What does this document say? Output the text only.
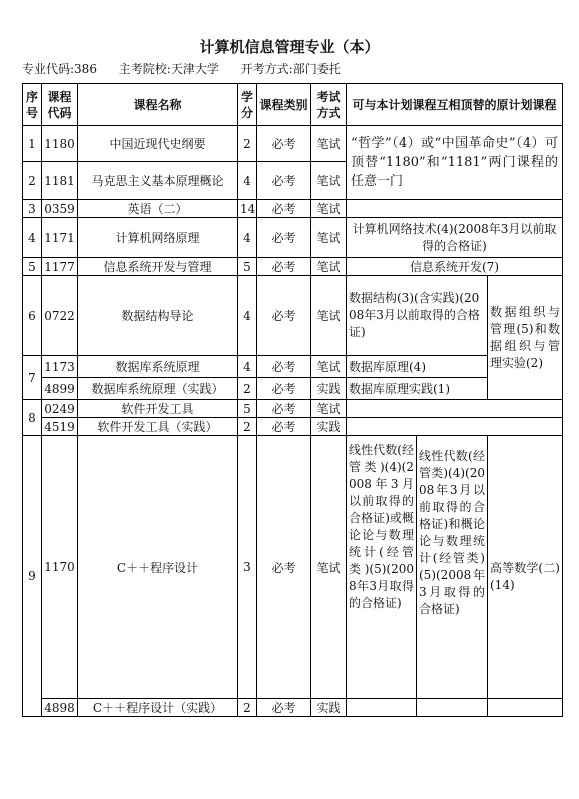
计算机信息管理专业（本）
专业代码:386 主考院校:天津大学 开考方式:部门委托
序号	课程代码	课程名称	学分	课程类别	考试方式	可与本计划课程互相顶替的原计划课程		
1	1180	中国近现代史纲要	2	必考	笔试	“哲学”（4）或“中国革命史”（4）可顶替“1180”和“1181”两门课程的任意一门		
2	1181	马克思主义基本原理概论	4	必考	笔试			
3	0359	英语（二）	14	必考	笔试			
4	1171	计算机网络原理	4	必考	笔试	计算机网络技术(4)(2008年3月以前取得的合格证)		
5	1177	信息系统开发与管理	5	必考	笔试	信息系统开发(7)		
6	0722	数据结构导论	4	必考	笔试	数据结构(3)(含实践)(2008年3月以前取得的合格证)		数据组织与管理(5)和数据组织与管理实验(2)
7	1173	数据库系统原理	4	必考	笔试	数据库原理(4)		
	4899	数据库系统原理（实践）	2	必考	实践	数据库原理实践(1)		
8	0249	软件开发工具	5	必考	笔试			
	4519	软件开发工具（实践）	2	必考	实践			
9	1170	C＋＋程序设计	3	必考	笔试	线性代数(经管类)(4)(2008年3月以前取得的合格证)或概论论与数理统计(经管类)(5)(2008年3月取得的合格证)	线性代数(经管类)(4)(2008年3月以前取得的合格证)和概论论与数理统计(经管类)(5)(2008年3月取得的合格证)	高等数学(二)(14)
	4898	C＋＋程序设计（实践）	2	必考	实践			
